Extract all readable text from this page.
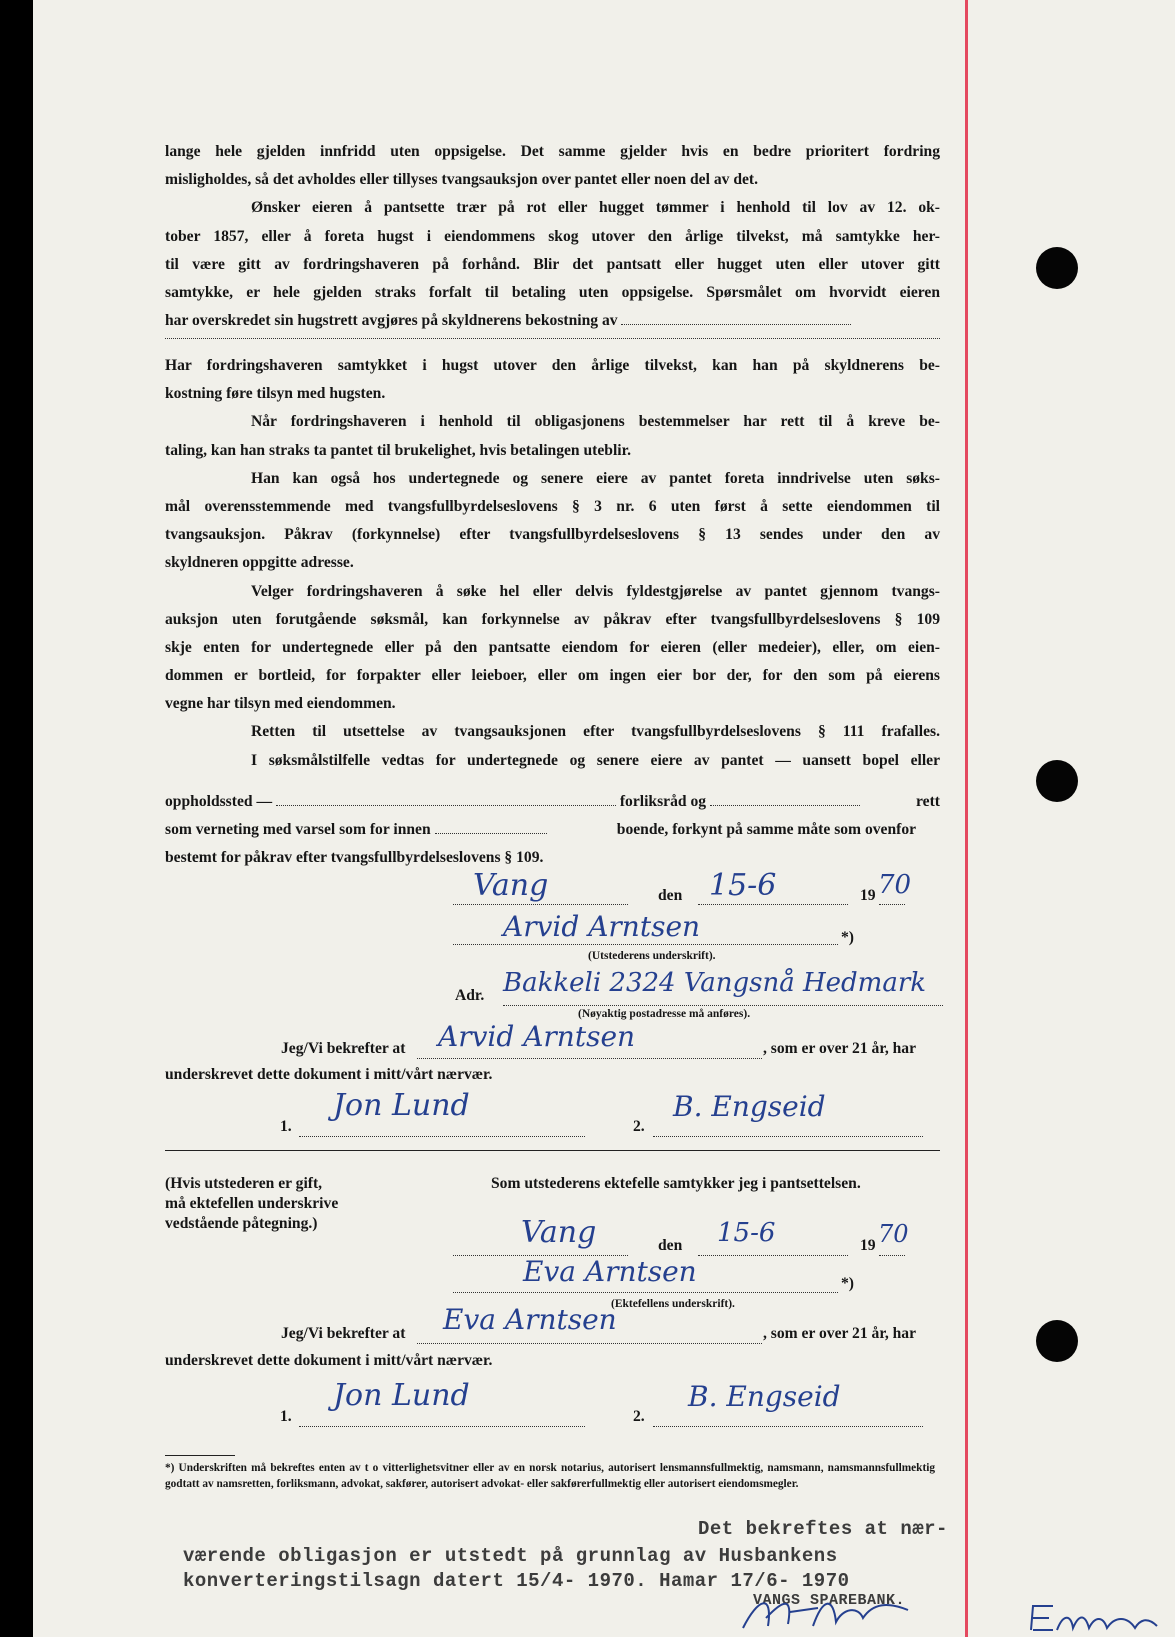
lange hele gjelden innfridd uten oppsigelse. Det samme gjelder hvis en bedre prioritert fordring
misligholdes, så det avholdes eller tillyses tvangsauksjon over pantet eller noen del av det.
Ønsker eieren å pantsette trær på rot eller hugget tømmer i henhold til lov av 12. ok-
tober 1857, eller å foreta hugst i eiendommens skog utover den årlige tilvekst, må samtykke her-
til være gitt av fordringshaveren på forhånd. Blir det pantsatt eller hugget uten eller utover gitt
samtykke, er hele gjelden straks forfalt til betaling uten oppsigelse. Spørsmålet om hvorvidt eieren
har overskredet sin hugstrett avgjøres på skyldnerens bekostning av
Har fordringshaveren samtykket i hugst utover den årlige tilvekst, kan han på skyldnerens be-
kostning føre tilsyn med hugsten.
Når fordringshaveren i henhold til obligasjonens bestemmelser har rett til å kreve be-
taling, kan han straks ta pantet til brukelighet, hvis betalingen uteblir.
Han kan også hos undertegnede og senere eiere av pantet foreta inndrivelse uten søks-
mål overensstemmende med tvangsfullbyrdelseslovens § 3 nr. 6 uten først å sette eiendommen til
tvangsauksjon. Påkrav (forkynnelse) efter tvangsfullbyrdelseslovens § 13 sendes under den av
skyldneren oppgitte adresse.
Velger fordringshaveren å søke hel eller delvis fyldestgjørelse av pantet gjennom tvangs-
auksjon uten forutgående søksmål, kan forkynnelse av påkrav efter tvangsfullbyrdelseslovens § 109
skje enten for undertegnede eller på den pantsatte eiendom for eieren (eller medeier), eller, om eien-
dommen er bortleid, for forpakter eller leieboer, eller om ingen eier bor der, for den som på eierens
vegne har tilsyn med eiendommen.
Retten til utsettelse av tvangsauksjonen efter tvangsfullbyrdelseslovens § 111 frafalles.
I søksmålstilfelle vedtas for undertegnede og senere eiere av pantet — uansett bopel eller
oppholdssted —	forliksråd og	rett
som verneting med varsel som for innen	boende, forkynt på samme måte som ovenfor
bestemt for påkrav efter tvangsfullbyrdelseslovens § 109.
Vang	den 15-6	19 70
Arvid Arntsen	*)
(Utstederens underskrift).
Adr. Bakkeli 2324 Vangsnå Hedmark
(Nøyaktig postadresse må anføres).
Jeg/Vi bekrefter at Arvid Arntsen	, som er over 21 år, har
underskrevet dette dokument i mitt/vårt nærvær.
1.
Jon Lund
2.
B. Engseid
(Hvis utstederen er gift,
må ektefellen underskrive
vedstående påtegning.)
Som utstederens ektefelle samtykker jeg i pantsettelsen.
Vang	den 15-6	19 70
Eva Arntsen	*)
(Ektefellens underskrift).
Jeg/Vi bekrefter at Eva Arntsen	, som er over 21 år, har
underskrevet dette dokument i mitt/vårt nærvær.
1.
Jon Lund
2.
B. Engseid
*) Underskriften må bekreftes enten av t o vitterlighetsvitner eller av en norsk notarius, autorisert lensmannsfullmektig, namsmann, namsmannsfullmektig godtatt av namsretten, forliksmann, advokat, sakfører, autorisert advokat- eller sakførerfullmektig eller autorisert eiendomsmegler.
Det bekreftes at nær-
værende obligasjon er utstedt på grunnlag av Husbankens
konverteringstilsagn datert 15/4- 1970. Hamar 17/6- 1970
VANGS SPAREBANK.
